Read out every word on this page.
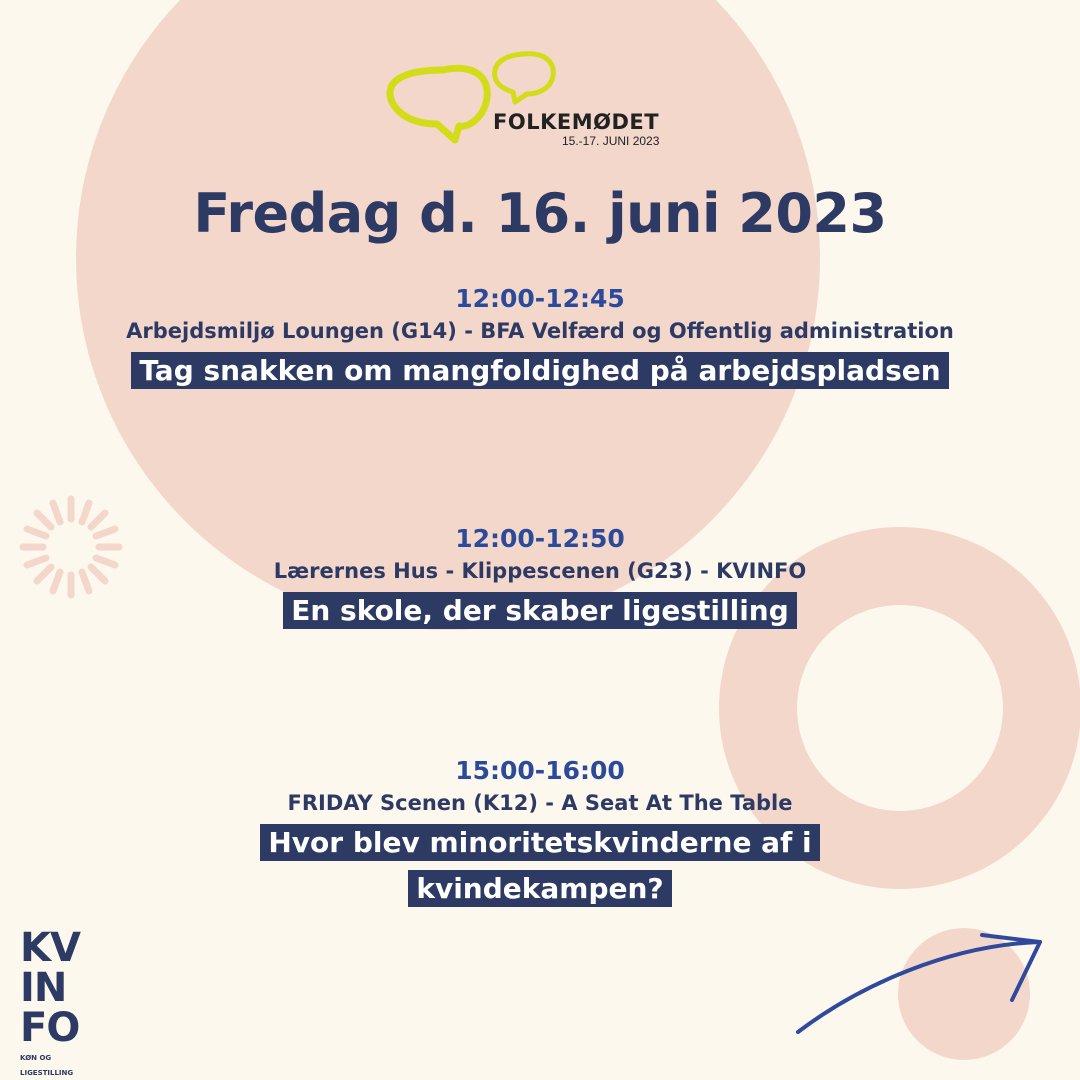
FOLKEMØDET
15.-17. JUNI 2023
Fredag d. 16. juni 2023
12:00-12:45
Arbejdsmiljø Loungen (G14) - BFA Velfærd og Offentlig administration
Tag snakken om mangfoldighed på arbejdspladsen
12:00-12:50
Lærernes Hus - Klippescenen (G23) - KVINFO
En skole, der skaber ligestilling
15:00-16:00
FRIDAY Scenen (K12) - A Seat At The Table
Hvor blev minoritetskvinderne af i kvindekampen?
KV
IN
FO
KØN OG
LIGESTILLING
